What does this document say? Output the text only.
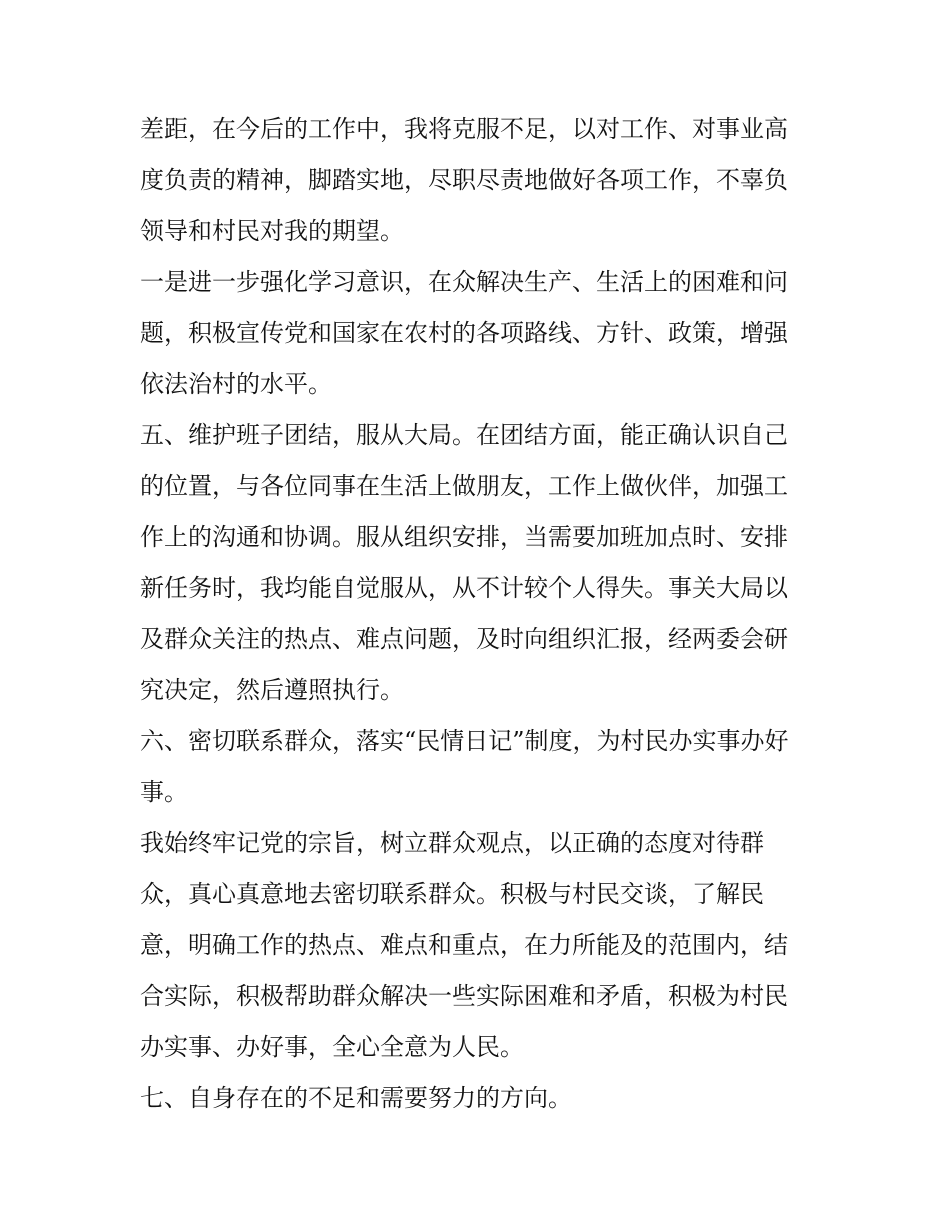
差距，在今后的工作中，我将克服不足，以对工作、对事业高
度负责的精神，脚踏实地，尽职尽责地做好各项工作，不辜负
领导和村民对我的期望。
一是进一步强化学习意识，在众解决生产、生活上的困难和问
题，积极宣传党和国家在农村的各项路线、方针、政策，增强
依法治村的水平。
五、维护班子团结，服从大局。在团结方面，能正确认识自己
的位置，与各位同事在生活上做朋友，工作上做伙伴，加强工
作上的沟通和协调。服从组织安排，当需要加班加点时、安排
新任务时，我均能自觉服从，从不计较个人得失。事关大局以
及群众关注的热点、难点问题，及时向组织汇报，经两委会研
究决定，然后遵照执行。
六、密切联系群众，落实“民情日记”制度，为村民办实事办好
事。
我始终牢记党的宗旨，树立群众观点，以正确的态度对待群
众，真心真意地去密切联系群众。积极与村民交谈，了解民
意，明确工作的热点、难点和重点，在力所能及的范围内，结
合实际，积极帮助群众解决一些实际困难和矛盾，积极为村民
办实事、办好事，全心全意为人民。
七、自身存在的不足和需要努力的方向。
